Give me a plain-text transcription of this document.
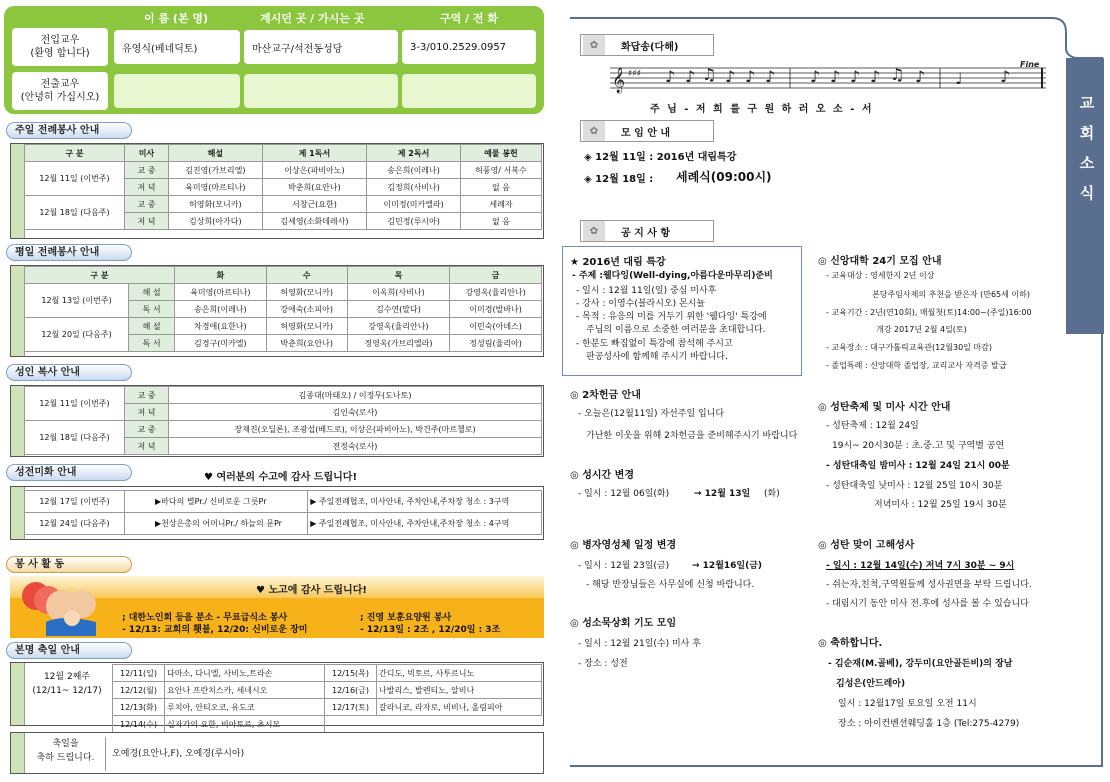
이 름 (본 명)	계시던 곳 / 가시는 곳	구역 / 전 화
전입교우
(환영 합니다)	유영식(베네딕토)	마산교구/석전동성당	3-3/010.2529.0957
전출교우
(안녕히 가십시오)
주일 전례봉사 안내
구 분	미사	해설	제 1독서	제 2독서	예물 봉헌
12월 11일 (이번주)	교 중	김진영(가브리엘)	이상은(파비아노)	송은희(이레나)	허풍영/ 서복수
	저 녁	육미영(마르티나)	박춘희(요안나)	김정희(사비나)	없 음
12월 18일 (다음주)	교 중	허영화(모니카)	서창근(요한)	이미정(미카엘라)	세례자
	저 녁	김상희(아가다)	김세영(소화데레사)	김민정(루시아)	없 음
평일 전례봉사 안내
구 분		화	수	목	금
12월 13일 (이번주)	해 설	육미영(마르티나)	허영화(모니카)	이옥희(사비나)	강영옥(율리안나)
	독 서	송은희(이레나)	강애숙(소피아)	김수연(말다)	이미경(발바나)
12월 20일 (다음주)	해 설	차경애(요한나)	허영화(모니카)	강영옥(율리안나)	이민숙(아녜스)
	독 서	김경구(미카엘)	박춘희(요안나)	정영옥(가브리엘라)	정성림(율리아)
성인 복사 안내
12월 11일 (이번주)	교 중	김종대(마태오) / 이정무(도나토)
	저 녁	김인숙(로사)
12월 18일 (다음주)	교 중	장재진(오딜론), 조광섭(베드로), 이상은(파비아노), 박건주(마르첼로)
	저 녁	전정숙(로사)
성전미화 안내	♥ 여러분의 수고에 감사 드립니다!
12월 17일 (이번주)	▶바다의 별Pr./ 신비로운 그릇Pr	▶ 주일전례협조, 미사안내, 주차안내,주차장 청소 : 3구역
12월 24일 (다음주)	▶천상은총의 어머니Pr./ 하늘의 문Pr	▶ 주일전례협조, 미사안내, 주차안내,주차장 청소 : 4구역
봉 사 활 동
♥ 노고에 감사 드립니다!
; 대한노인회 등을 분소 - 무료급식소 봉사
- 12/13: 교회의 횃불, 12/20: 신비로운 장미
; 진영 보훈요양원 봉사
- 12/13일 : 2조 , 12/20일 : 3조
본명 축일 안내
12월 2째주
(12/11~ 12/17)
12/11(일)	다마소, 다니엘, 사비노,트라손	12/15(목)	간디도, 빅토르, 사투르니노
12/12(월)	요안나 프란치스카, 세네시오	12/16(금)	나발리스, 발렌티노, 알비나
12/13(화)	루치아, 안티오코, 유도코	12/17(토)	갈라니코, 라자로, 비비나, 올림피아
12/14(수)	십자가의 요한, 비아토르, 초시모		
축일을
축하 드립니다.	오예경(요안나,F), 오예경(루시아)
교
회
소
식
✿	화답송(다해)
𝄞 ♯♯♯ ♪ ♪ ♫ ♪ ♪ ♪ ♪ ♪ ♪ ♪ ♫ ♪ ♩ ♪
Fine
주 님 - 저 희 를 구 원 하 러 오 소 - 서
✿	모 임 안 내
◈ 12월 11일 : 2016년 대림특강
◈ 12월 18일 : 세례식(09:00시)
✿	공 지 사 항
★ 2016년 대림 특강
- 주제 :웰다잉(Well-dying,아름다운마무리)준비
- 일시 : 12월 11일(일) 중심 미사후
- 강사 : 이영수(블라시오) 몬시뇰
- 목적 : 유응의 미를 거두기 위한 '웰다잉' 특강에
주님의 이름으로 소중한 여러분을 초대합니다.
- 한분도 빠짐없이 특강에 참석해 주시고
판공성사에 함께해 주시기 바랍니다.
◎ 2차헌금 안내
- 오늘은(12월11일) 자선주일 입니다
가난한 이웃을 위해 2차헌금을 준비해주시기 바랍니다
◎ 성시간 변경
- 일시 : 12월 06일(화)	→ 12월 13일 (화)
◎ 병자영성체 일정 변경
- 일시 : 12월 23일(금)	→ 12월16일(금)
- 해당 반장님들은 사무실에 신청 바랍니다.
◎ 성소묵상회 기도 모임
- 일시 : 12월 21일(수) 미사 후
- 장소 : 성전
◎ 신앙대학 24기 모집 안내
- 교육대상 : 영세한지 2년 이상
본당주임사제의 추천을 받은자 (만65세 이하)
- 교육기간 : 2년(연10회), 매월첫(토)14:00~(주일)16:00
개강 2017년 2월 4일(토)
- 교육장소 : 대구가톨릭교육관(12월30일 마감)
- 졸업특례 : 신앙대학 졸업장, 교리교사 자격증 발급
◎ 성탄축제 및 미사 시간 안내
- 성탄축제 : 12월 24일
19시~ 20시30분 : 초.중.고 및 구역별 공연
- 성탄대축일 밤미사 : 12월 24일 21시 00분
- 성탄대축일 낮미사 : 12월 25일 10시 30분
저녁미사 : 12월 25일 19시 30분
◎ 성탄 맞이 고해성사
- 일시 : 12월 14일(수) 저녁 7시 30분 ~ 9시
- 쉬는자,친척,구역원들께 성사권면을 부탁 드립니다.
- 대림시기 동안 미사 전.후에 성사를 볼 수 있습니다
◎ 축하합니다.
- 김순재(M.골베), 강두미(요안골든비)의 장남
김성은(안드레아)
일시 : 12월17일 토요일 오전 11시
장소 : 아이컨벤션웨딩홀 1층 (Tel:275-4279)
